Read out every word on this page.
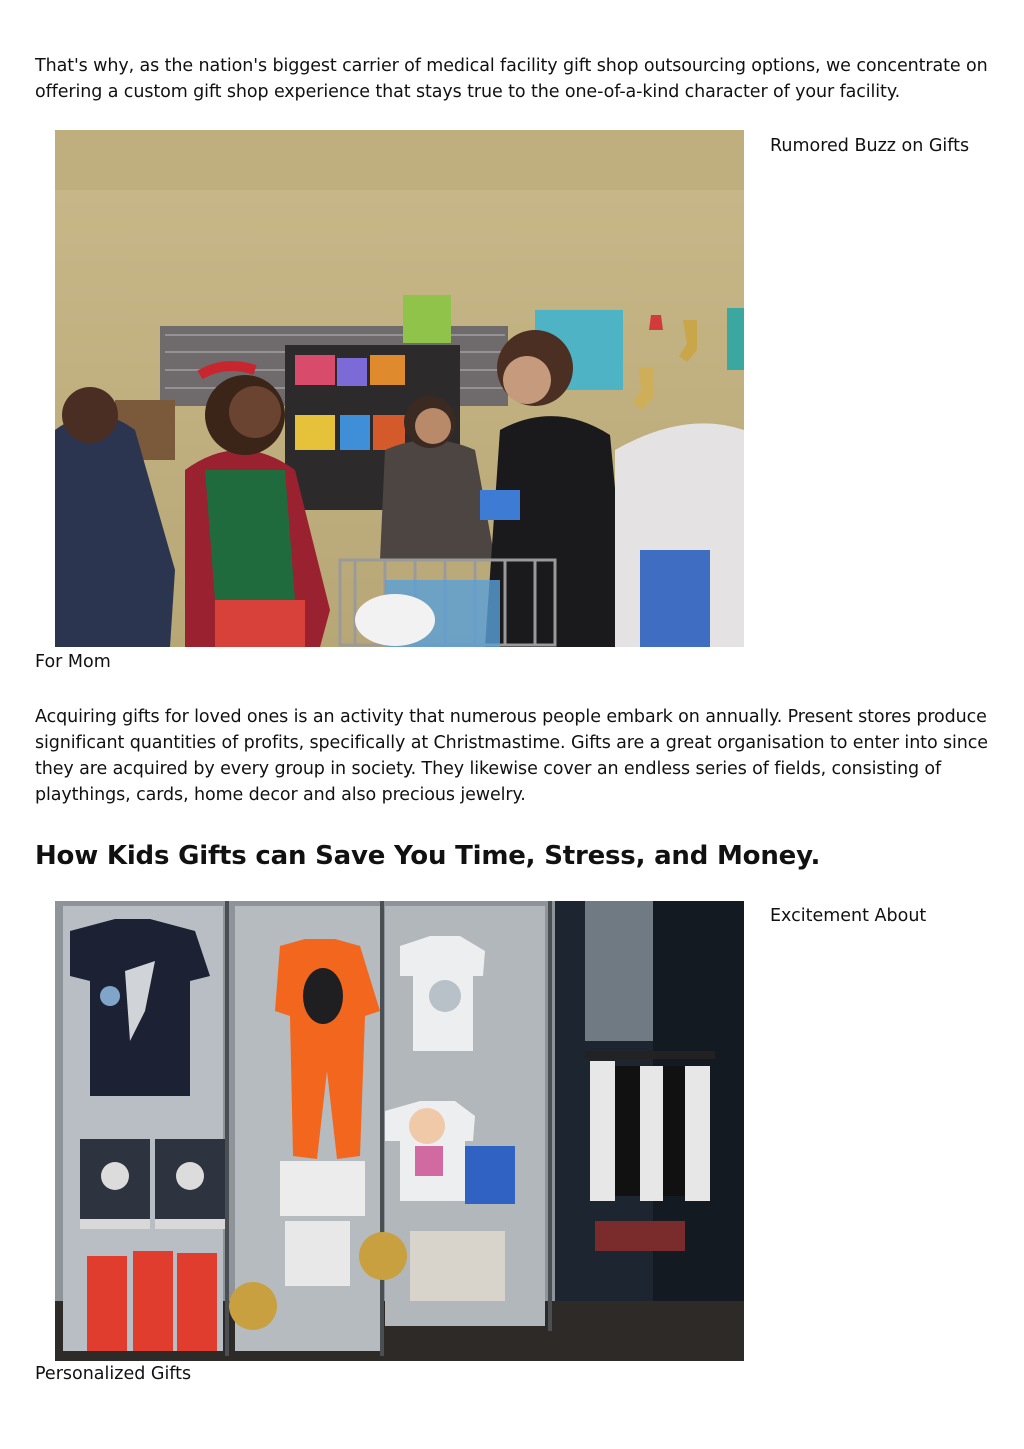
That's why, as the nation's biggest carrier of medical facility gift shop outsourcing options, we concentrate on offering a custom gift shop experience that stays true to the one-of-a-kind character of your facility.

Rumored Buzz on Gifts

For Mom

Acquiring gifts for loved ones is an activity that numerous people embark on annually. Present stores produce significant quantities of profits, specifically at Christmastime. Gifts are a great organisation to enter into since they are acquired by every group in society. They likewise cover an endless series of fields, consisting of playthings, cards, home decor and also precious jewelry.

How Kids Gifts can Save You Time, Stress, and Money.

Excitement About

Personalized Gifts
